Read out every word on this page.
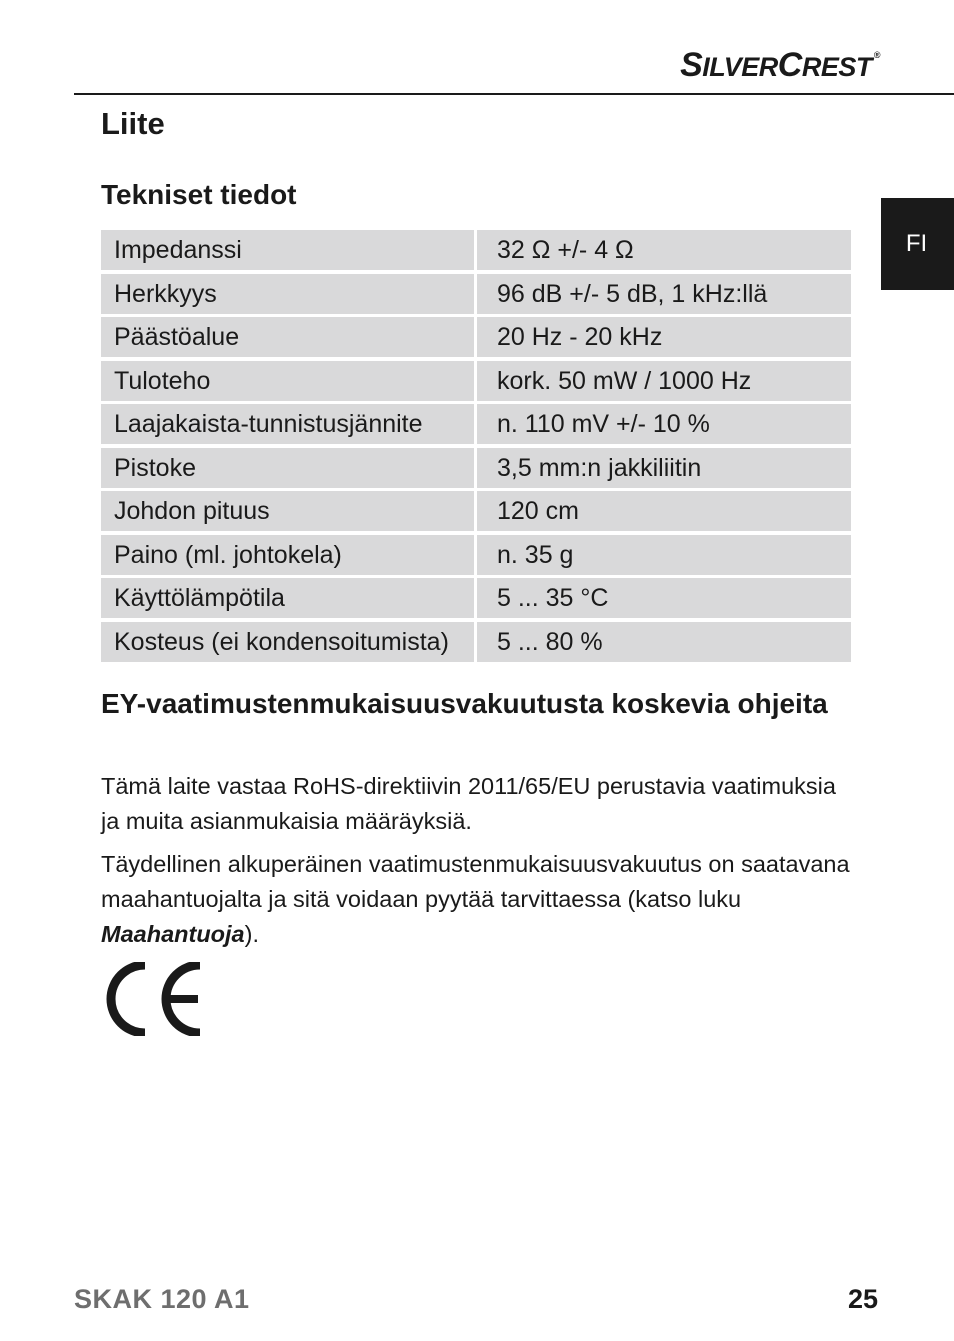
SILVERCREST ®
FI
Liite
Tekniset tiedot
Impedanssi	32 Ω +/- 4 Ω
Herkkyys	96 dB +/- 5 dB, 1 kHz:llä
Päästöalue	20 Hz - 20 kHz
Tuloteho	kork. 50 mW / 1000 Hz
Laajakaista-tunnistusjännite	n. 110 mV +/- 10 %
Pistoke	3,5 mm:n jakkiliitin
Johdon pituus	120 cm
Paino (ml. johtokela)	n. 35 g
Käyttölämpötila	5 ... 35 °C
Kosteus (ei kondensoitumista)	5 ... 80 %
EY-vaatimustenmukaisuusvakuutusta koskevia ohjeita

Tämä laite vastaa RoHS-direktiivin 2011/65/EU perustavia vaatimuksia ja muita asianmukaisia määräyksiä.

Täydellinen alkuperäinen vaatimustenmukaisuusvakuutus on saatavana maahantuojalta ja sitä voidaan pyytää tarvittaessa (katso luku Maahantuoja).

SKAK 120 A1	25
